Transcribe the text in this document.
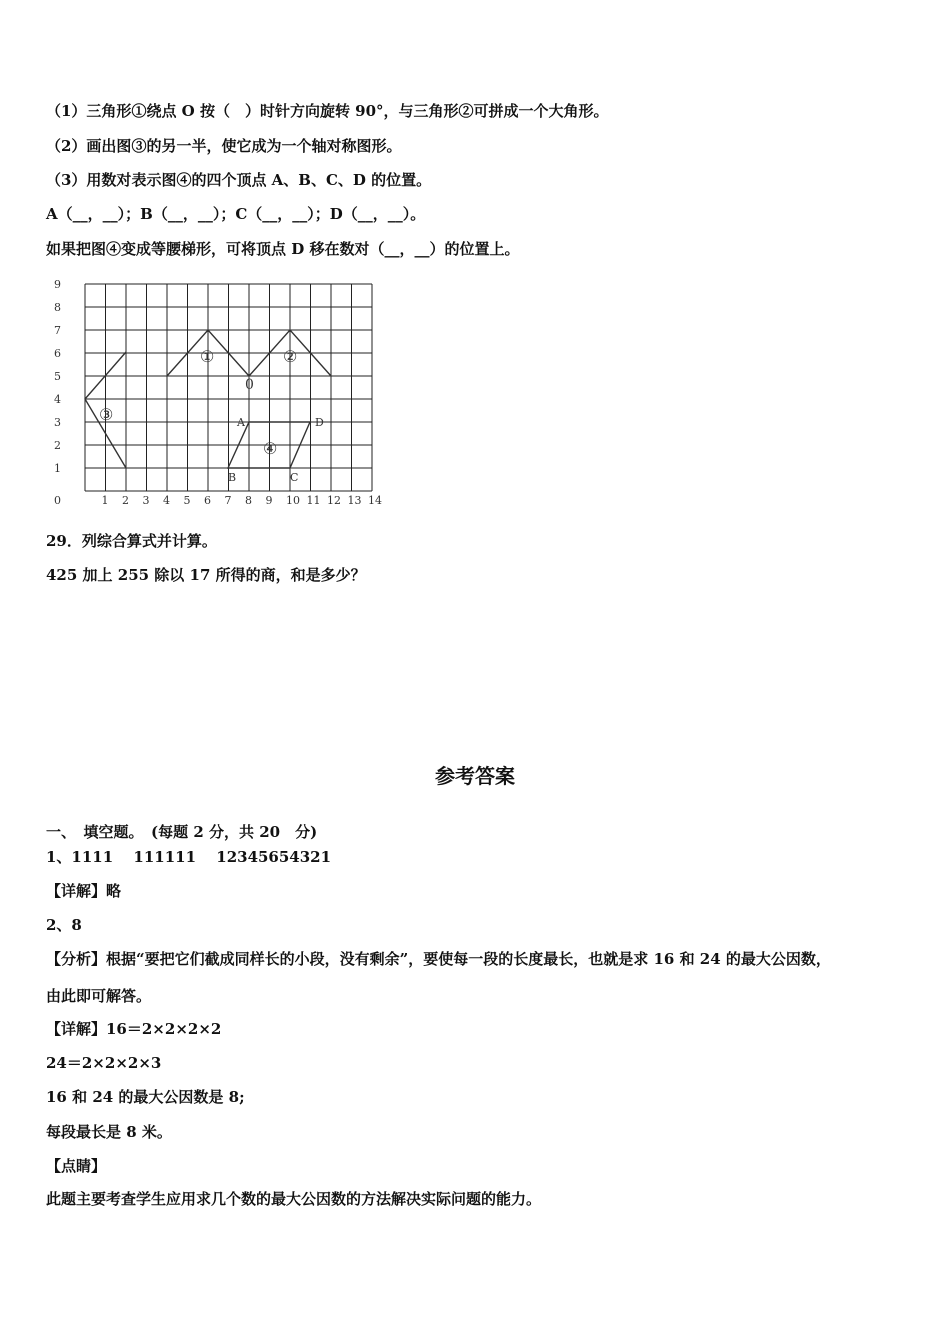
（1）三角形①绕点 O 按（　）时针方向旋转 90°，与三角形②可拼成一个大角形。
（2）画出图③的另一半，使它成为一个轴对称图形。
（3）用数对表示图④的四个顶点 A、B、C、D 的位置。
A（__，__）；B（__，__）；C（__，__）；D（__，__）。
如果把图④变成等腰梯形，可将顶点 D 移在数对（__，__）的位置上。
①	②
③
④
0
A
B	C
D
0	1 2 3 4 5 6 7 8 9 10 11 12 13 14
1
2
3
4
5
6
7
8
9
29．列综合算式并计算。
425 加上 255 除以 17 所得的商，和是多少？
参考答案
一、　填空题。　(每题 2 分，共 20　分)
1、1111　 111111　 12345654321
【详解】略
2、8
【分析】根据“要把它们截成同样长的小段，没有剩余”，要使每一段的长度最长，也就是求 16 和 24 的最大公因数，
由此即可解答。
【详解】16＝2×2×2×2
24＝2×2×2×3
16 和 24 的最大公因数是 8;
每段最长是 8 米。
【点睛】
此题主要考查学生应用求几个数的最大公因数的方法解决实际问题的能力。
